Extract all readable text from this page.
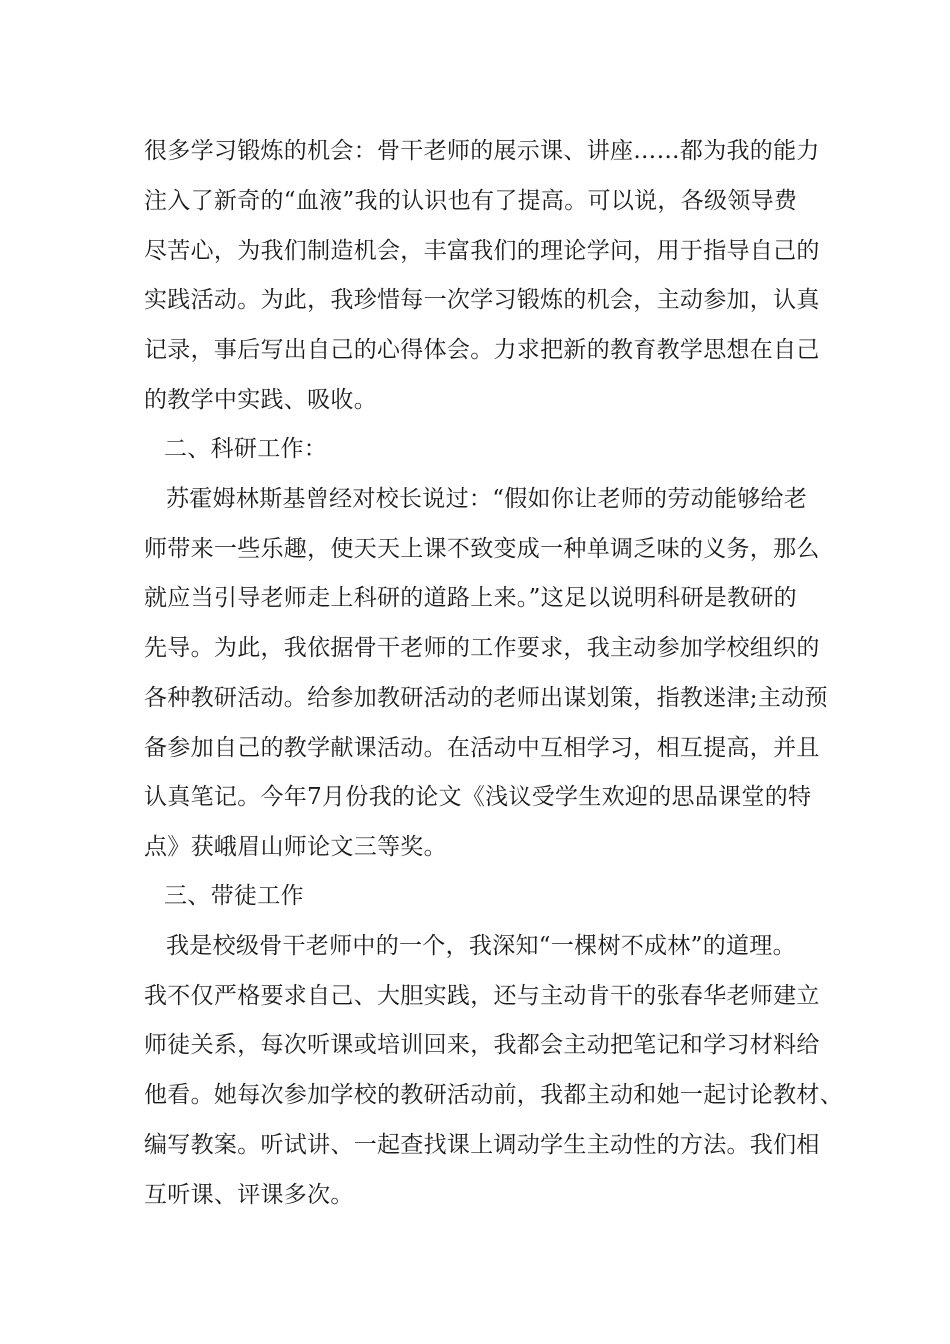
很多学习锻炼的机会：骨干老师的展示课、讲座……都为我的能力
注入了新奇的“血液”我的认识也有了提高。可以说，各级领导费
尽苦心，为我们制造机会，丰富我们的理论学问，用于指导自己的
实践活动。为此，我珍惜每一次学习锻炼的机会，主动参加，认真
记录，事后写出自己的心得体会。力求把新的教育教学思想在自己
的教学中实践、吸收。
二、科研工作：
苏霍姆林斯基曾经对校长说过：“假如你让老师的劳动能够给老
师带来一些乐趣，使天天上课不致变成一种单调乏味的义务，那么
就应当引导老师走上科研的道路上来。”这足以说明科研是教研的
先导。为此，我依据骨干老师的工作要求，我主动参加学校组织的
各种教研活动。给参加教研活动的老师出谋划策，指教迷津;主动预
备参加自己的教学献课活动。在活动中互相学习，相互提高，并且
认真笔记。今年7月份我的论文《浅议受学生欢迎的思品课堂的特
点》获峨眉山师论文三等奖。
三、带徒工作
我是校级骨干老师中的一个，我深知“一棵树不成林”的道理。
我不仅严格要求自己、大胆实践，还与主动肯干的张春华老师建立
师徒关系，每次听课或培训回来，我都会主动把笔记和学习材料给
他看。她每次参加学校的教研活动前，我都主动和她一起讨论教材、
编写教案。听试讲、一起查找课上调动学生主动性的方法。我们相
互听课、评课多次。
